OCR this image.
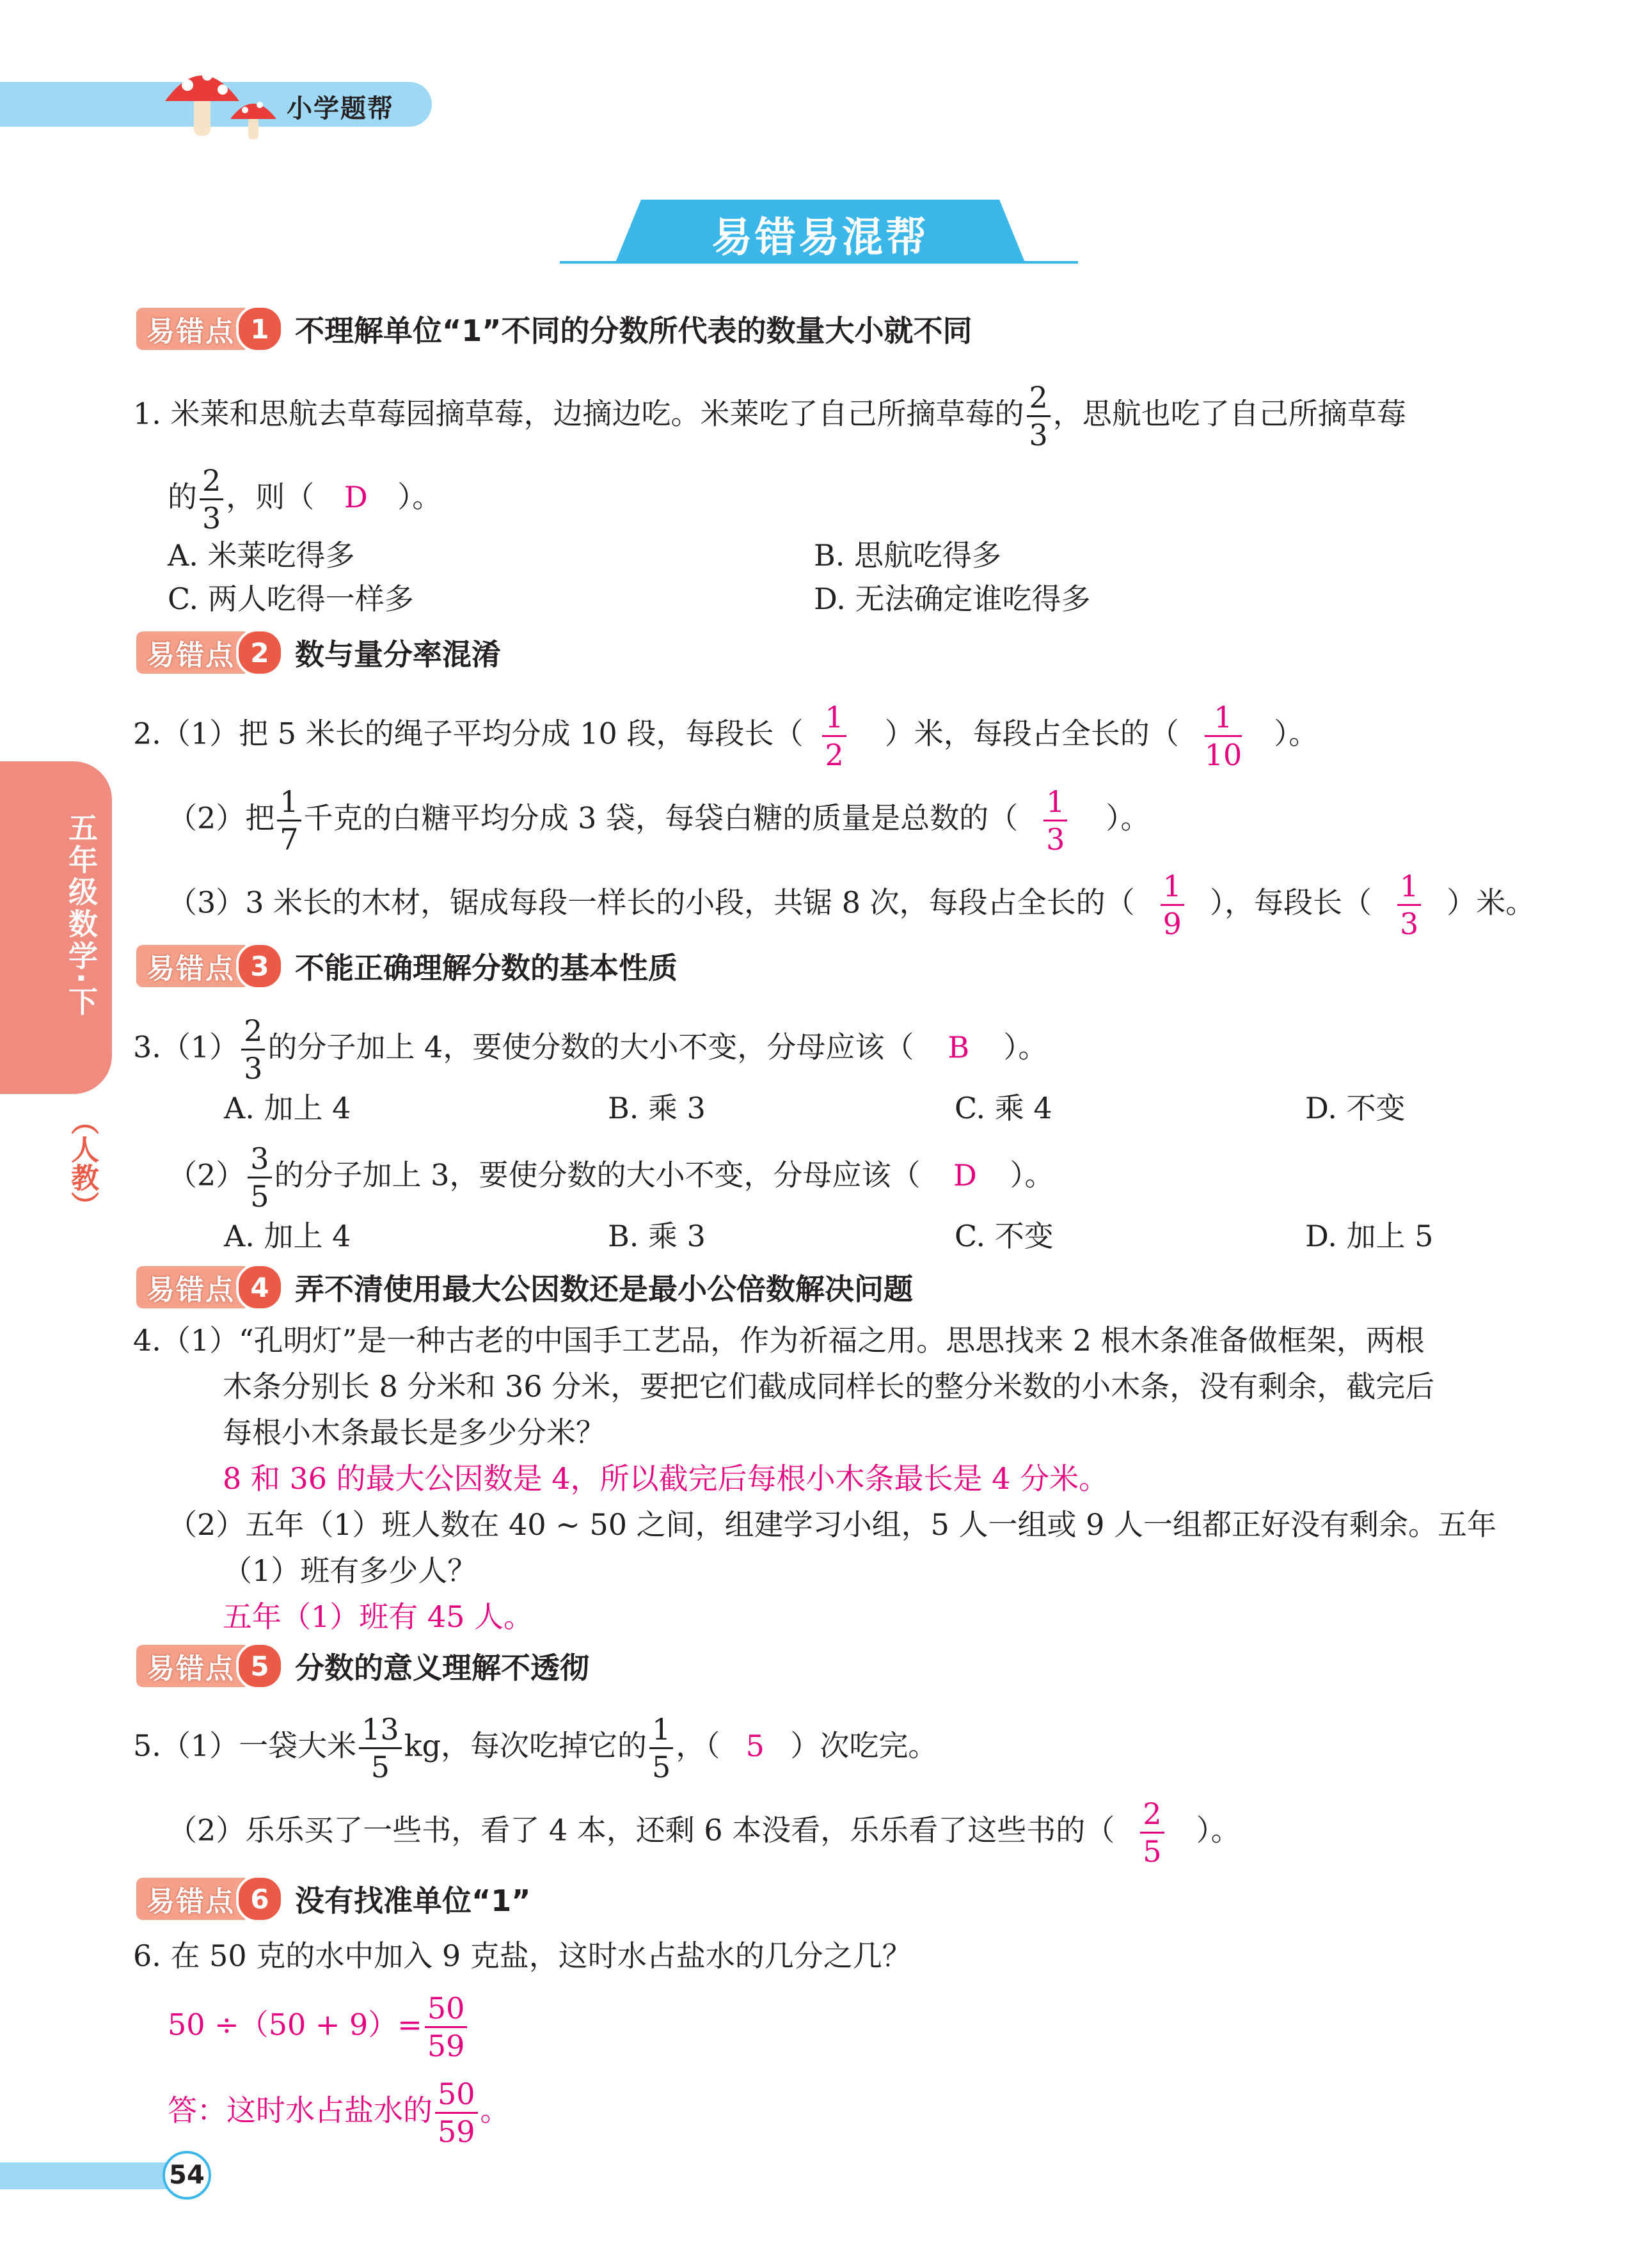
小学题帮
易错易混帮
五年级数学·下
（人教）
易错点 1 不理解单位“1”不同的分数所代表的数量大小就不同
1. 米莱和思航去草莓园摘草莓，边摘边吃。米莱吃了自己所摘草莓的 $\frac{2}{3}$ ，思航也吃了自己所摘草莓
的 $\frac{2}{3}$ ，则（ D ）。
A. 米莱吃得多	B. 思航吃得多
C. 两人吃得一样多	D. 无法确定谁吃得多
易错点 2 数与量分率混淆
2.（1）把 5 米长的绳子平均分成 10 段，每段长（ $\frac{1}{2}$ ）米，每段占全长的（ $\frac{1}{10}$ ）。
（2）把 $\frac{1}{7}$ 千克的白糖平均分成 3 袋，每袋白糖的质量是总数的（ $\frac{1}{3}$ ）。
（3）3 米长的木材，锯成每段一样长的小段，共锯 8 次，每段占全长的（ $\frac{1}{9}$ ），每段长（ $\frac{1}{3}$ ）米。
易错点 3 不能正确理解分数的基本性质
$3.(1) \frac{2}{3}$ 的分子加上 4，要使分数的大小不变，分母应该（ B ）。
A. 加上 4	B. 乘 3	C. 乘 4	D. 不变
$(2) \frac{3}{5}$ 的分子加上 3，要使分数的大小不变，分母应该（ D ）。
A. 加上 4	B. 乘 3	C. 不变	D. 加上 5
易错点 4 弄不清使用最大公因数还是最小公倍数解决问题
4.（1）“孔明灯”是一种古老的中国手工艺品，作为祈福之用。思思找来 2 根木条准备做框架，两根
木条分别长 8 分米和 36 分米，要把它们截成同样长的整分米数的小木条，没有剩余，截完后
每根小木条最长是多少分米？
8 和 36 的最大公因数是 4，所以截完后每根小木条最长是 4 分米。
（2）五年（1）班人数在 40 ~ 50 之间，组建学习小组，5 人一组或 9 人一组都正好没有剩余。五年
（1）班有多少人？
五年（1）班有 45 人。
易错点 5 分数的意义理解不透彻
5.（1）一袋大米 $\frac{13}{5}$ kg，每次吃掉它的 $\frac{1}{5}$ ，（ 5 ）次吃完。
（2）乐乐买了一些书，看了 4 本，还剩 6 本没看，乐乐看了这些书的（ $\frac{2}{5}$ ）。
易错点 6 没有找准单位“1”
6. 在 50 克的水中加入 9 克盐，这时水占盐水的几分之几？
$50 \div(50 + 9)= \frac{50}{59}$
答：这时水占盐水的 $\frac{50}{59}$ 。
54
